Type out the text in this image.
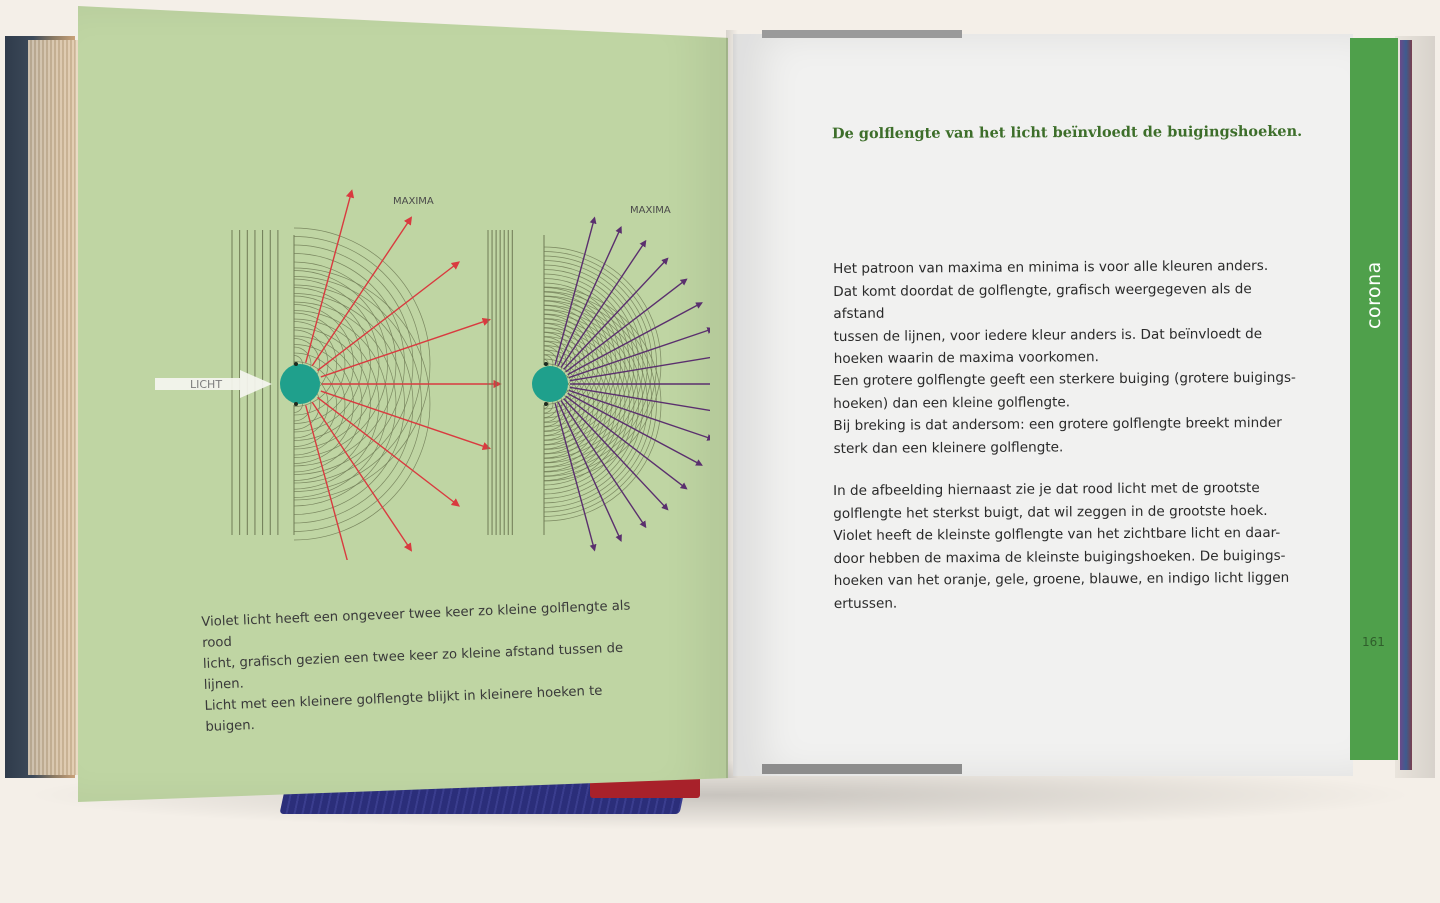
LICHT
MAXIMA
MAXIMA
Violet licht heeft een ongeveer twee keer zo kleine golflengte als rood
licht, grafisch gezien een twee keer zo kleine afstand tussen de lijnen.
Licht met een kleinere golflengte blijkt in kleinere hoeken te buigen.
De golflengte van het licht beïnvloedt de buigingshoeken.
Het patroon van maxima en minima is voor alle kleuren anders.
Dat komt doordat de golflengte, grafisch weergegeven als de afstand
tussen de lijnen, voor iedere kleur anders is. Dat beïnvloedt de
hoeken waarin de maxima voorkomen.
Een grotere golflengte geeft een sterkere buiging (grotere buigings-
hoeken) dan een kleine golflengte.
Bij breking is dat andersom: een grotere golflengte breekt minder
sterk dan een kleinere golflengte.
In de afbeelding hiernaast zie je dat rood licht met de grootste
golflengte het sterkst buigt, dat wil zeggen in de grootste hoek.
Violet heeft de kleinste golflengte van het zichtbare licht en daar-
door hebben de maxima de kleinste buigingshoeken. De buigings-
hoeken van het oranje, gele, groene, blauwe, en indigo licht liggen
ertussen.
corona
161
